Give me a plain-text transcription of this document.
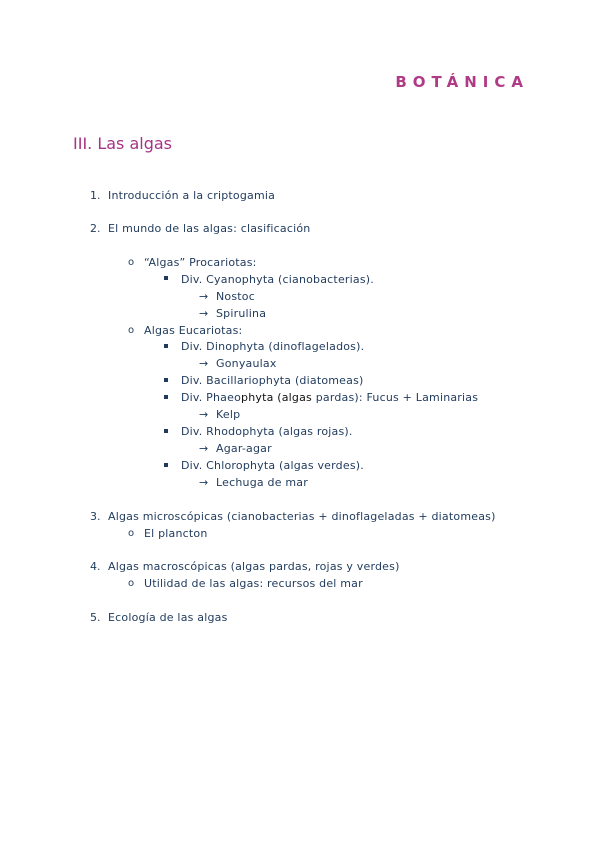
BOTÁNICA
III. Las algas
1. Introducción a la criptogamia
2. El mundo de las algas: clasificación
o “Algas” Procariotas:
Div. Cyanophyta (cianobacterias).
→ Nostoc
→ Spirulina
o Algas Eucariotas:
Div. Dinophyta (dinoflagelados).
→ Gonyaulax
Div. Bacillariophyta (diatomeas)
Div. Phaeophyta (algas pardas): Fucus + Laminarias
→ Kelp
Div. Rhodophyta (algas rojas).
→ Agar-agar
Div. Chlorophyta (algas verdes).
→ Lechuga de mar
3. Algas microscópicas (cianobacterias + dinoflageladas + diatomeas)
o El plancton
4. Algas macroscópicas (algas pardas, rojas y verdes)
o Utilidad de las algas: recursos del mar
5. Ecología de las algas
